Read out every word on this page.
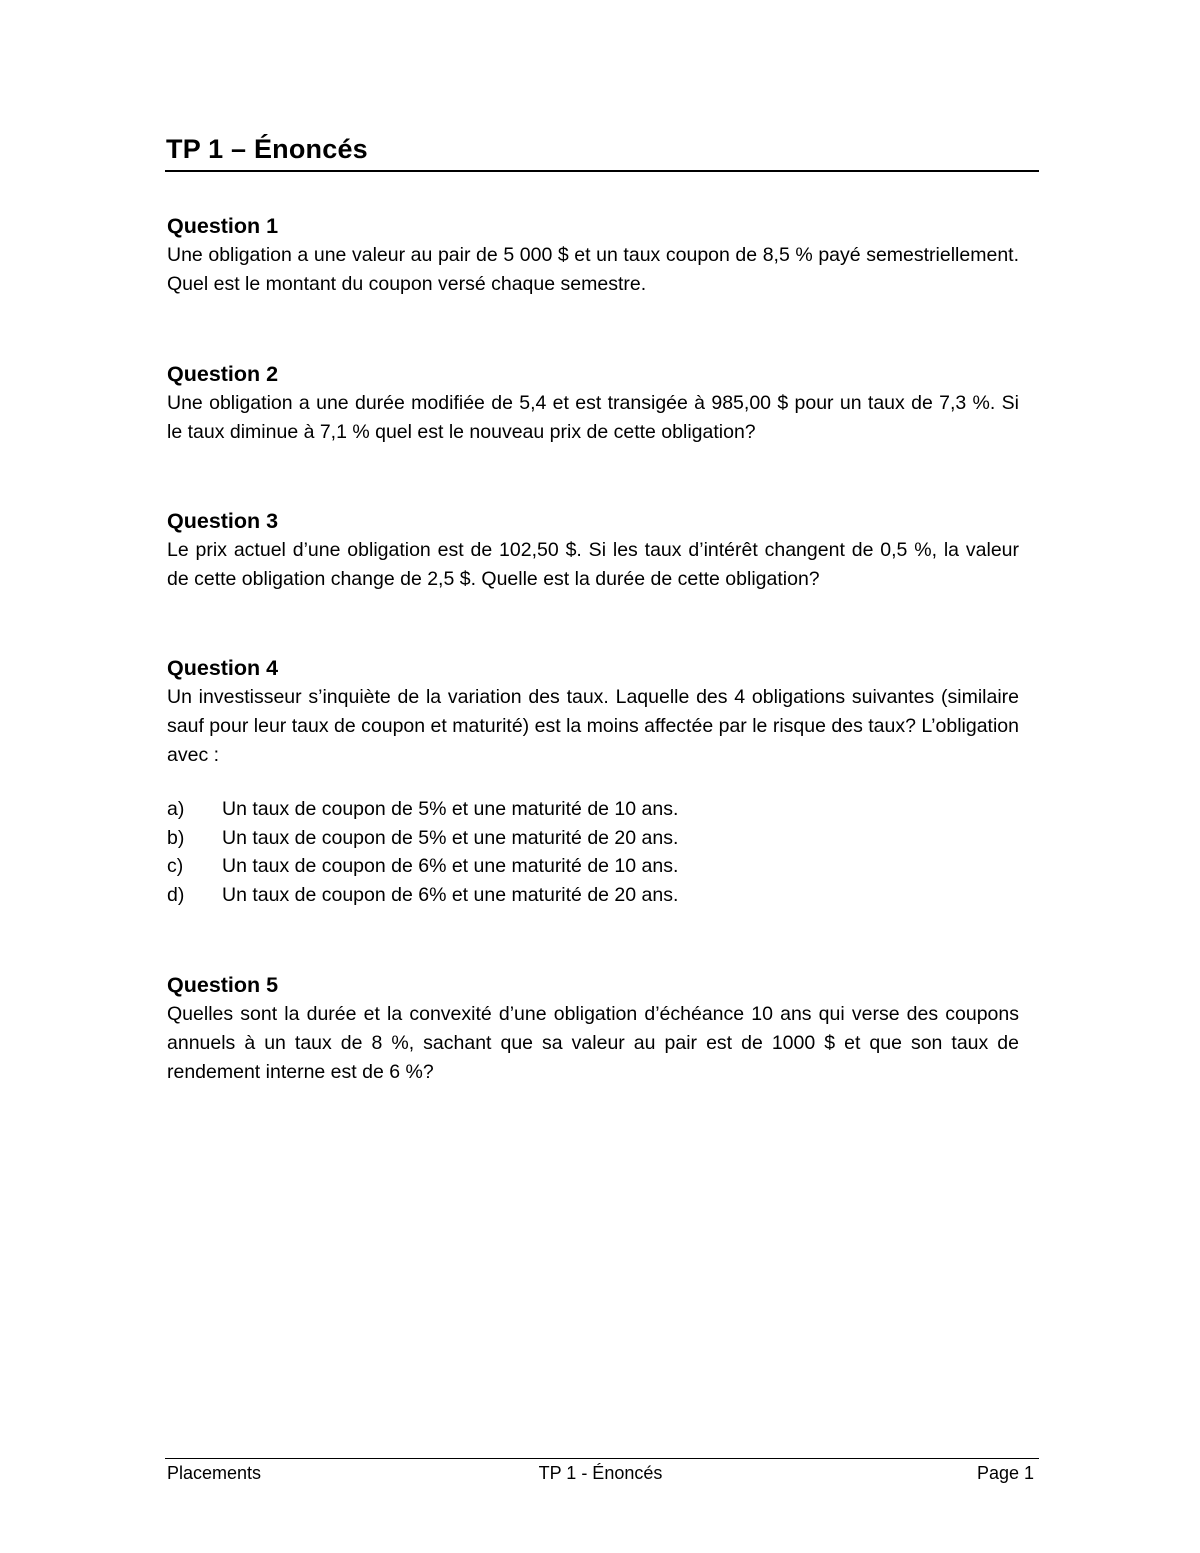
TP 1 – Énoncés

Question 1

Une obligation a une valeur au pair de 5 000 $ et un taux coupon de 8,5 % payé semestriellement. Quel est le montant du coupon versé chaque semestre.

Question 2

Une obligation a une durée modifiée de 5,4 et est transigée à 985,00 $ pour un taux de 7,3 %. Si le taux diminue à 7,1 % quel est le nouveau prix de cette obligation?

Question 3

Le prix actuel d’une obligation est de 102,50 $. Si les taux d’intérêt changent de 0,5 %, la valeur de cette obligation change de 2,5 $. Quelle est la durée de cette obligation?

Question 4

Un investisseur s’inquiète de la variation des taux. Laquelle des 4 obligations suivantes (similaire sauf pour leur taux de coupon et maturité) est la moins affectée par le risque des taux? L’obligation avec :

a)	Un taux de coupon de 5% et une maturité de 10 ans.
b)	Un taux de coupon de 5% et une maturité de 20 ans.
c)	Un taux de coupon de 6% et une maturité de 10 ans.
d)	Un taux de coupon de 6% et une maturité de 20 ans.

Question 5

Quelles sont la durée et la convexité d’une obligation d’échéance 10 ans qui verse des coupons annuels à un taux de 8 %, sachant que sa valeur au pair est de 1000 $ et que son taux de rendement interne est de 6 %?

Placements	TP 1 - Énoncés	Page 1
